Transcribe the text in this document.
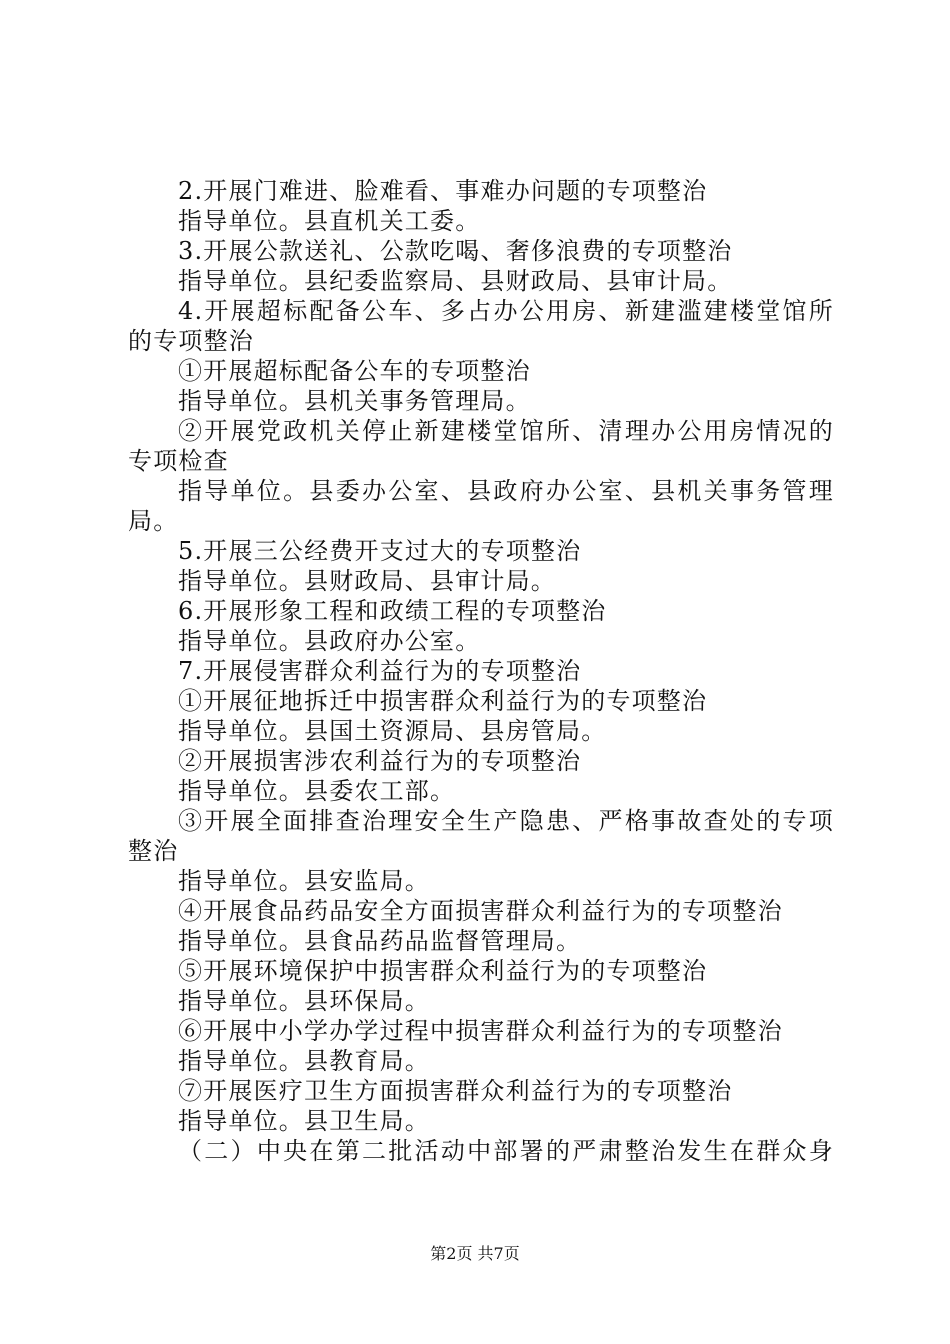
2.开展门难进、脸难看、事难办问题的专项整治

指导单位。县直机关工委。

3.开展公款送礼、公款吃喝、奢侈浪费的专项整治

指导单位。县纪委监察局、县财政局、县审计局。

4.开展超标配备公车、多占办公用房、新建滥建楼堂馆所

的专项整治

①开展超标配备公车的专项整治

指导单位。县机关事务管理局。

②开展党政机关停止新建楼堂馆所、清理办公用房情况的

专项检查

指导单位。县委办公室、县政府办公室、县机关事务管理

局。

5.开展三公经费开支过大的专项整治

指导单位。县财政局、县审计局。

6.开展形象工程和政绩工程的专项整治

指导单位。县政府办公室。

7.开展侵害群众利益行为的专项整治

①开展征地拆迁中损害群众利益行为的专项整治

指导单位。县国土资源局、县房管局。

②开展损害涉农利益行为的专项整治

指导单位。县委农工部。

③开展全面排查治理安全生产隐患、严格事故查处的专项

整治

指导单位。县安监局。

④开展食品药品安全方面损害群众利益行为的专项整治

指导单位。县食品药品监督管理局。

⑤开展环境保护中损害群众利益行为的专项整治

指导单位。县环保局。

⑥开展中小学办学过程中损害群众利益行为的专项整治

指导单位。县教育局。

⑦开展医疗卫生方面损害群众利益行为的专项整治

指导单位。县卫生局。

（二）中央在第二批活动中部署的严肃整治发生在群众身

第2页 共7页
